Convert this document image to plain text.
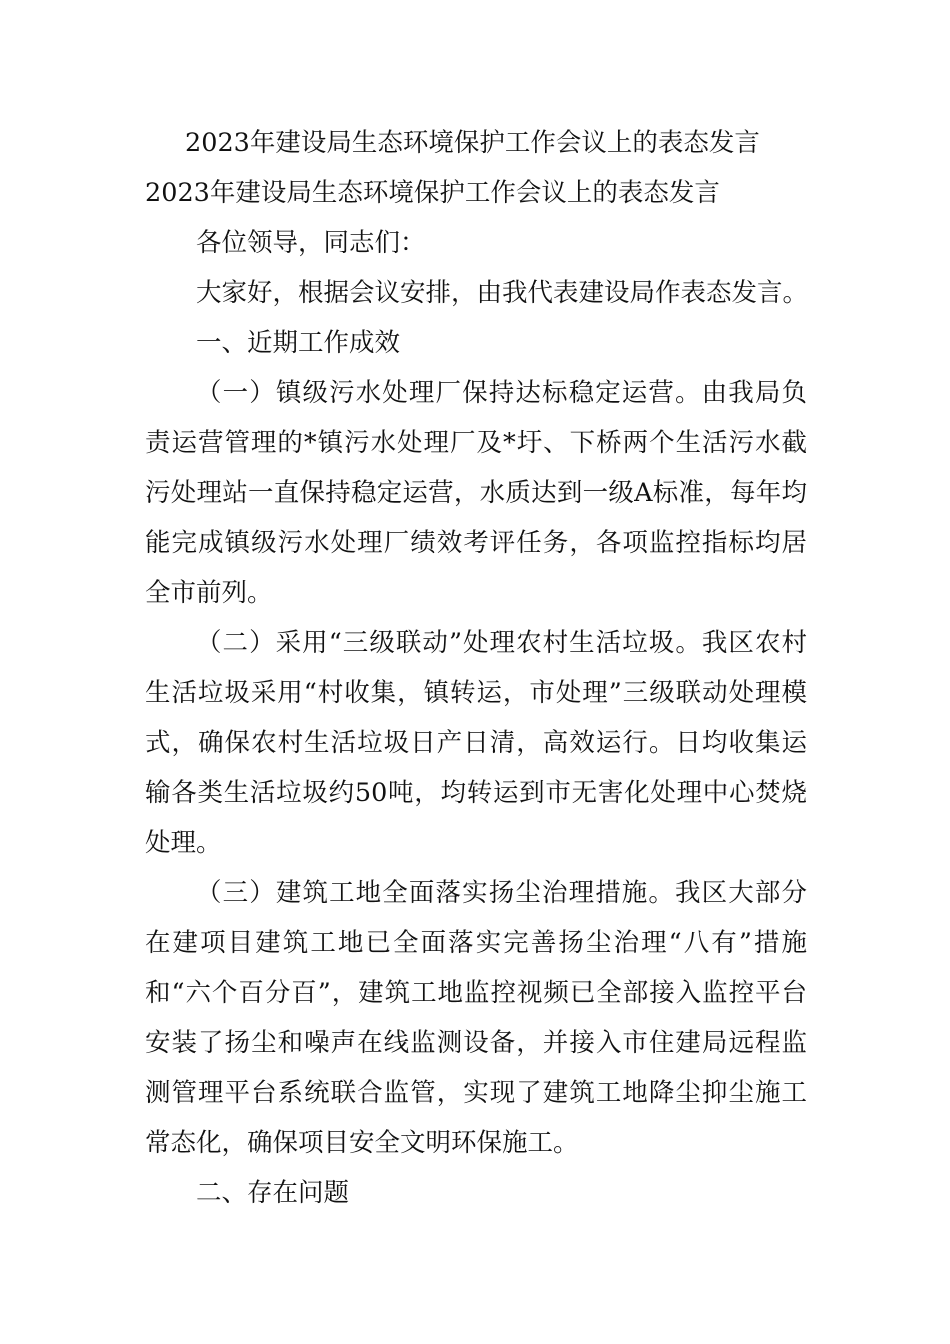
2023年建设局生态环境保护工作会议上的表态发言

2023年建设局生态环境保护工作会议上的表态发言

各位领导，同志们：

大家好，根据会议安排，由我代表建设局作表态发言。

一、近期工作成效

（一）镇级污水处理厂保持达标稳定运营。由我局负责运营管理的*镇污水处理厂及*圩、下桥两个生活污水截污处理站一直保持稳定运营，水质达到一级A标准，每年均能完成镇级污水处理厂绩效考评任务，各项监控指标均居全市前列。

（二）采用“三级联动”处理农村生活垃圾。我区农村生活垃圾采用“村收集，镇转运，市处理”三级联动处理模式，确保农村生活垃圾日产日清，高效运行。日均收集运输各类生活垃圾约50吨，均转运到市无害化处理中心焚烧处理。

（三）建筑工地全面落实扬尘治理措施。我区大部分在建项目建筑工地已全面落实完善扬尘治理“八有”措施和“六个百分百”，建筑工地监控视频已全部接入监控平台安装了扬尘和噪声在线监测设备，并接入市住建局远程监测管理平台系统联合监管，实现了建筑工地降尘抑尘施工常态化，确保项目安全文明环保施工。

二、存在问题
